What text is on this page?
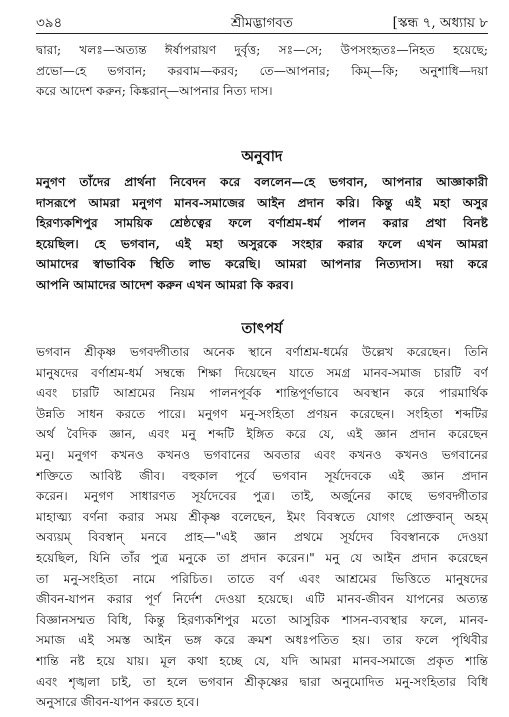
৩৯৪	শ্রীমদ্ভাগবত	[স্কন্ধ ৭, অধ্যায় ৮
দ্বারা; খলঃ—অত্যন্ত ঈর্ষাপরায়ণ দুর্বৃত্ত; সঃ—সে; উপসংহৃতঃ—নিহত হয়েছে;
প্রভো—হে ভগবান; করবাম—করব; তে—আপনার; কিম্—কি; অনুশাধি—দয়া
করে আদেশ করুন; কিঙ্করান্—আপনার নিত্য দাস।
অনুবাদ
মনুগণ তাঁদের প্রার্থনা নিবেদন করে বললেন—হে ভগবান, আপনার আজ্ঞাকারী
দাসরূপে আমরা মনুগণ মানব-সমাজের আইন প্রদান করি। কিন্তু এই মহা অসুর
হিরণ্যকশিপুর সাময়িক শ্রেষ্ঠত্বের ফলে বর্ণাশ্রম-ধর্ম পালন করার প্রথা বিনষ্ট
হয়েছিল। হে ভগবান, এই মহা অসুরকে সংহার করার ফলে এখন আমরা
আমাদের স্বাভাবিক স্থিতি লাভ করেছি। আমরা আপনার নিত্যদাস। দয়া করে
আপনি আমাদের আদেশ করুন এখন আমরা কি করব।
তাৎপর্য
ভগবান শ্রীকৃষ্ণ ভগবদ্গীতার অনেক স্থানে বর্ণাশ্রম-ধর্মের উল্লেখ করেছেন। তিনি
মানুষদের বর্ণাশ্রম-ধর্ম সম্বন্ধে শিক্ষা দিয়েছেন যাতে সমগ্র মানব-সমাজ চারটি বর্ণ
এবং চারটি আশ্রমের নিয়ম পালনপূর্বক শান্তিপূর্ণভাবে অবস্থান করে পারমার্থিক
উন্নতি সাধন করতে পারে। মনুগণ মনু-সংহিতা প্রণয়ন করেছেন। সংহিতা শব্দটির
অর্থ বৈদিক জ্ঞান, এবং মনু শব্দটি ইঙ্গিত করে যে, এই জ্ঞান প্রদান করেছেন
মনু। মনুগণ কখনও কখনও ভগবানের অবতার এবং কখনও কখনও ভগবানের
শক্তিতে আবিষ্ট জীব। বহুকাল পূর্বে ভগবান সূর্যদেবকে এই জ্ঞান প্রদান
করেন। মনুগণ সাধারণত সূর্যদেবের পুত্র। তাই, অর্জুনের কাছে ভগবদ্গীতার
মাহাত্ম্য বর্ণনা করার সময় শ্রীকৃষ্ণ বলেছেন, ইমং বিবস্বতে যোগং প্রোক্তবান্ অহম্
অব্যয়ম্ বিবস্বান্ মনবে প্রাহ—"এই জ্ঞান প্রথমে সূর্যদেব বিবস্বানকে দেওয়া
হয়েছিল, যিনি তাঁর পুত্র মনুকে তা প্রদান করেন।" মনু যে আইন প্রদান করেছেন
তা মনু-সংহিতা নামে পরিচিত। তাতে বর্ণ এবং আশ্রমের ভিত্তিতে মানুষদের
জীবন-যাপন করার পূর্ণ নির্দেশ দেওয়া হয়েছে। এটি মানব-জীবন যাপনের অত্যন্ত
বিজ্ঞানসম্মত বিধি, কিন্তু হিরণ্যকশিপুর মতো আসুরিক শাসন-ব্যবস্থার ফলে, মানব-
সমাজ এই সমস্ত আইন ভঙ্গ করে ক্রমশ অধঃপতিত হয়। তার ফলে পৃথিবীর
শান্তি নষ্ট হয়ে যায়। মূল কথা হচ্ছে যে, যদি আমরা মানব-সমাজে প্রকৃত শান্তি
এবং শৃঙ্খলা চাই, তা হলে ভগবান শ্রীকৃষ্ণের দ্বারা অনুমোদিত মনু-সংহিতার বিধি
অনুসারে জীবন-যাপন করতে হবে।
